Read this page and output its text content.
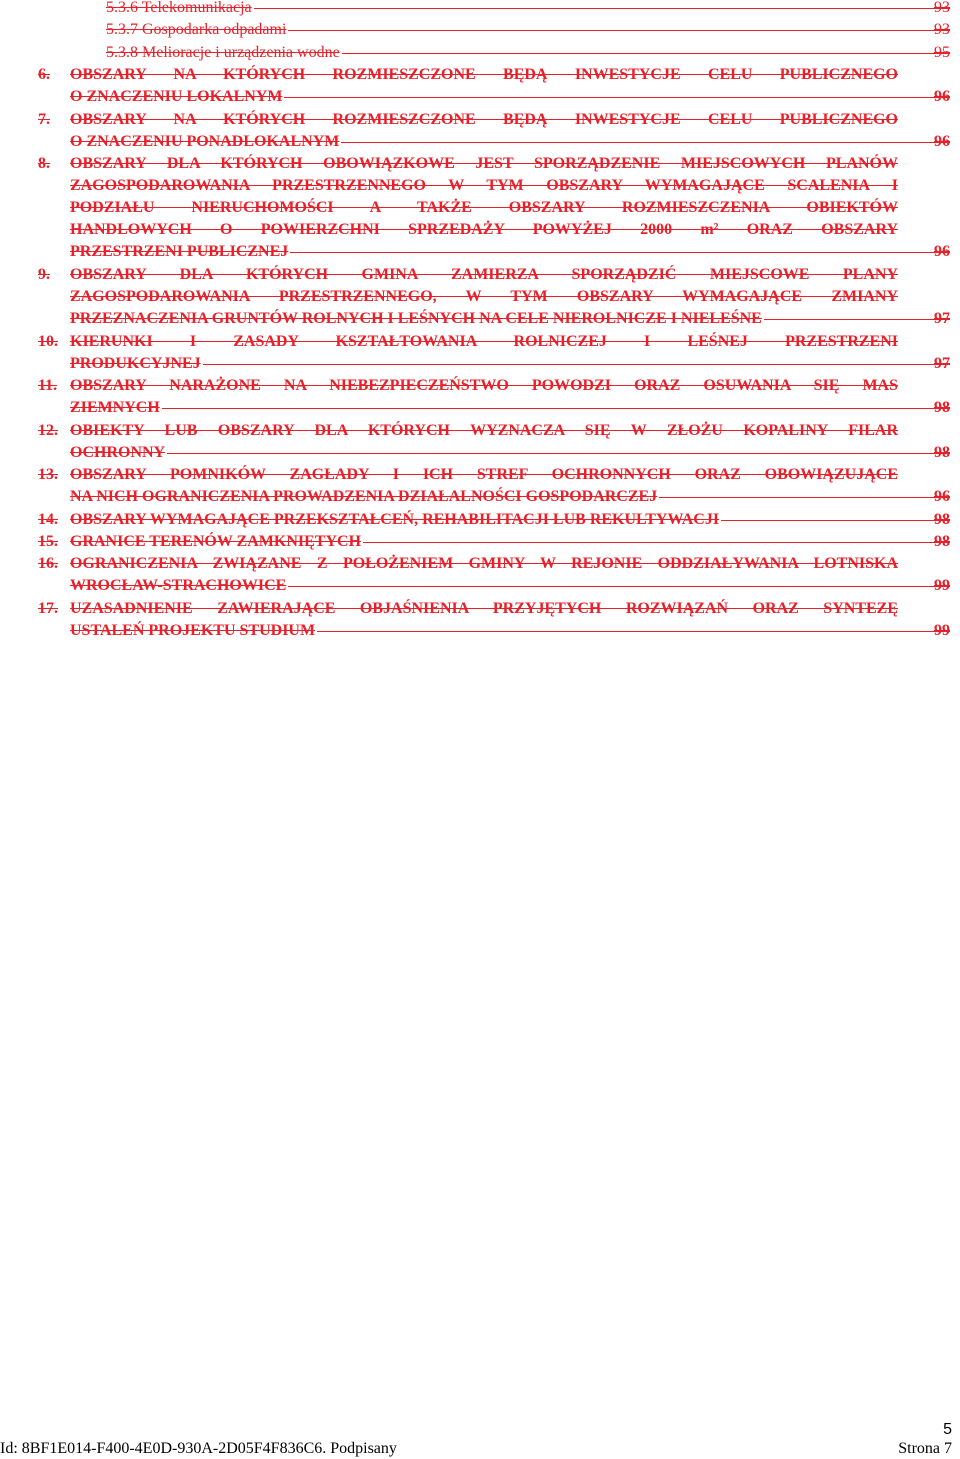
5.3.6 Telekomunikacja	93
5.3.7 Gospodarka odpadami	93
5.3.8 Melioracje i urządzenia wodne	95
6. OBSZARY NA KTÓRYCH ROZMIESZCZONE BĘDĄ INWESTYCJE CELU PUBLICZNEGO
O ZNACZENIU LOKALNYM	96
7. OBSZARY NA KTÓRYCH ROZMIESZCZONE BĘDĄ INWESTYCJE CELU PUBLICZNEGO
O ZNACZENIU PONADLOKALNYM	96
8. OBSZARY DLA KTÓRYCH OBOWIĄZKOWE JEST SPORZĄDZENIE MIEJSCOWYCH PLANÓW
ZAGOSPODAROWANIA PRZESTRZENNEGO W TYM OBSZARY WYMAGAJĄCE SCALENIA I
PODZIAŁU NIERUCHOMOŚCI A TAKŻE OBSZARY ROZMIESZCZENIA OBIEKTÓW
HANDLOWYCH O POWIERZCHNI SPRZEDAŻY POWYŻEJ 2000 m² ORAZ OBSZARY
PRZESTRZENI PUBLICZNEJ	96
9. OBSZARY DLA KTÓRYCH GMINA ZAMIERZA SPORZĄDZIĆ MIEJSCOWE PLANY
ZAGOSPODAROWANIA PRZESTRZENNEGO, W TYM OBSZARY WYMAGAJĄCE ZMIANY
PRZEZNACZENIA GRUNTÓW ROLNYCH I LEŚNYCH NA CELE NIEROLNICZE I NIELEŚNE	97
10. KIERUNKI I ZASADY KSZTAŁTOWANIA ROLNICZEJ I LEŚNEJ PRZESTRZENI
PRODUKCYJNEJ	97
11. OBSZARY NARAŻONE NA NIEBEZPIECZEŃSTWO POWODZI ORAZ OSUWANIA SIĘ MAS
ZIEMNYCH	98
12. OBIEKTY LUB OBSZARY DLA KTÓRYCH WYZNACZA SIĘ W ZŁOŻU KOPALINY FILAR
OCHRONNY	98
13. OBSZARY POMNIKÓW ZAGŁADY I ICH STREF OCHRONNYCH ORAZ OBOWIĄZUJĄCE
NA NICH OGRANICZENIA PROWADZENIA DZIAŁALNOŚCI GOSPODARCZEJ	96
14. OBSZARY WYMAGAJĄCE PRZEKSZTAŁCEŃ, REHABILITACJI LUB REKULTYWACJI	98
15. GRANICE TERENÓW ZAMKNIĘTYCH	98
16. OGRANICZENIA ZWIĄZANE Z POŁOŻENIEM GMINY W REJONIE ODDZIAŁYWANIA LOTNISKA
WROCŁAW-STRACHOWICE	99
17. UZASADNIENIE ZAWIERAJĄCE OBJAŚNIENIA PRZYJĘTYCH ROZWIĄZAŃ ORAZ SYNTEZĘ
USTALEŃ PROJEKTU STUDIUM	99
5
Id: 8BF1E014-F400-4E0D-930A-2D05F4F836C6. Podpisany	Strona 7
